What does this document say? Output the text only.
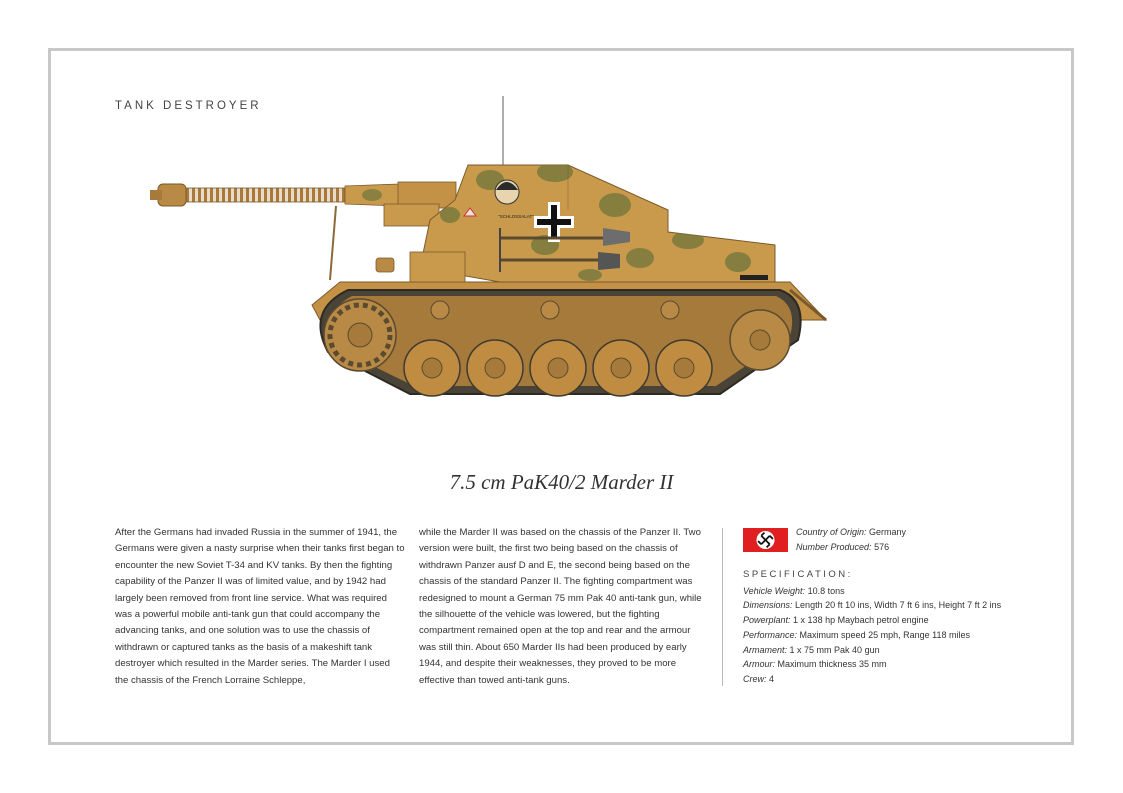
TANK DESTROYER
"SCHLOSSALAT"
7.5 cm PaK40/2 Marder II
After the Germans had invaded Russia in the summer of 1941, the Germans were given a nasty surprise when their tanks first began to encounter the new Soviet T-34 and KV tanks. By then the fighting capability of the Panzer II was of limited value, and by 1942 had largely been removed from front line service. What was required was a powerful mobile anti-tank gun that could accompany the advancing tanks, and one solution was to use the chassis of withdrawn or captured tanks as the basis of a makeshift tank destroyer which resulted in the Marder series. The Marder I used the chassis of the French Lorraine Schleppe,
while the Marder II was based on the chassis of the Panzer II. Two version were built, the first two being based on the chassis of withdrawn Panzer ausf D and E, the second being based on the chassis of the standard Panzer II. The fighting compartment was redesigned to mount a German 75 mm Pak 40 anti-tank gun, while the silhouette of the vehicle was lowered, but the fighting compartment remained open at the top and rear and the armour was still thin. About 650 Marder IIs had been produced by early 1944, and despite their weaknesses, they proved to be more effective than towed anti-tank guns.
Country of Origin: Germany
Number Produced: 576
SPECIFICATION:
Vehicle Weight: 10.8 tons
Dimensions: Length 20 ft 10 ins, Width 7 ft 6 ins, Height 7 ft 2 ins
Powerplant: 1 x 138 hp Maybach petrol engine
Performance: Maximum speed 25 mph, Range 118 miles
Armament: 1 x 75 mm Pak 40 gun
Armour: Maximum thickness 35 mm
Crew: 4
